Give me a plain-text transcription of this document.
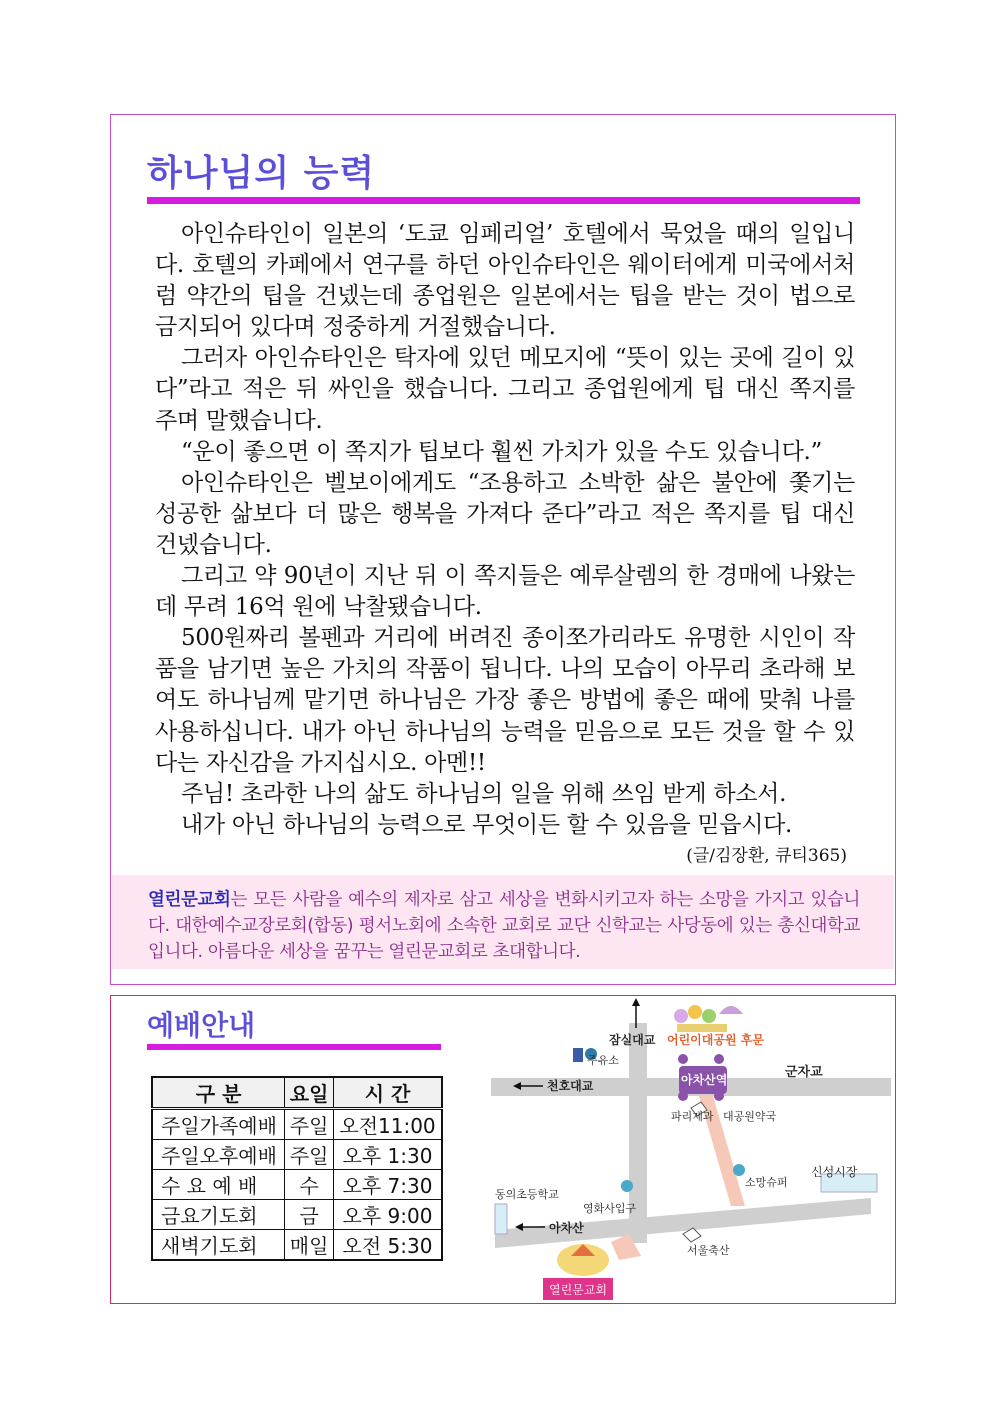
하나님의 능력

아인슈타인이 일본의 ‘도쿄 임페리얼’ 호텔에서 묵었을 때의 일입니다. 호텔의 카페에서 연구를 하던 아인슈타인은 웨이터에게 미국에서처럼 약간의 팁을 건넸는데 종업원은 일본에서는 팁을 받는 것이 법으로 금지되어 있다며 정중하게 거절했습니다.

그러자 아인슈타인은 탁자에 있던 메모지에 “뜻이 있는 곳에 길이 있다”라고 적은 뒤 싸인을 했습니다. 그리고 종업원에게 팁 대신 쪽지를 주며 말했습니다.

“운이 좋으면 이 쪽지가 팁보다 훨씬 가치가 있을 수도 있습니다.”

아인슈타인은 벨보이에게도 “조용하고 소박한 삶은 불안에 쫓기는 성공한 삶보다 더 많은 행복을 가져다 준다”라고 적은 쪽지를 팁 대신 건넸습니다.

그리고 약 90년이 지난 뒤 이 쪽지들은 예루살렘의 한 경매에 나왔는데 무려 16억 원에 낙찰됐습니다.

500원짜리 볼펜과 거리에 버려진 종이쪼가리라도 유명한 시인이 작품을 남기면 높은 가치의 작품이 됩니다. 나의 모습이 아무리 초라해 보여도 하나님께 맡기면 하나님은 가장 좋은 방법에 좋은 때에 맞춰 나를 사용하십니다. 내가 아닌 하나님의 능력을 믿음으로 모든 것을 할 수 있다는 자신감을 가지십시오. 아멘!!

주님! 초라한 나의 삶도 하나님의 일을 위해 쓰임 받게 하소서.

내가 아닌 하나님의 능력으로 무엇이든 할 수 있음을 믿읍시다.

(글/김장환, 큐티365)
열린문교회는 모든 사람을 예수의 제자로 삼고 세상을 변화시키고자 하는 소망을 가지고 있습니다. 대한예수교장로회(합동) 평서노회에 소속한 교회로 교단 신학교는 사당동에 있는 총신대학교입니다. 아름다운 세상을 꿈꾸는 열린문교회로 초대합니다.
예배안내
구 분	요일	시 간
주일가족예배	주일	오전11:00
주일오후예배	주일	오후 1:30
수 요 예 배	수	오후 7:30
금요기도회	금	오후 9:00
새벽기도회	매일	오전 5:30
잠실대교 어린이대공원 후문
주유소
군자교
천호대교	아차산역
파리제과 대공원약국
신성시장
소망슈퍼
동의초등학교
영화사입구
아차산
서울축산
열린문교회
